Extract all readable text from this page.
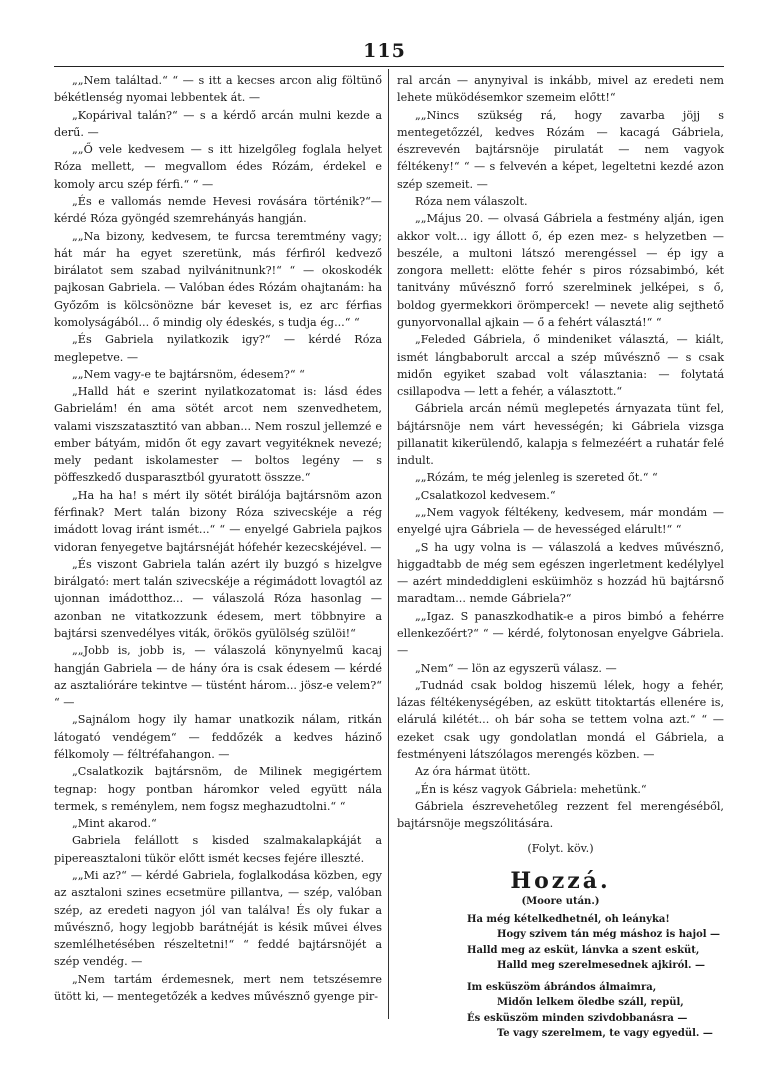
115

„„Nem találtad.“ “ — s itt a kecses arcon alig föltünő békétlenség nyomai lebbentek át. —

„Kopárival talán?“ — s a kérdő arcán mulni kezde a derű. —

„„Ő vele kedvesem — s itt hizelgőleg foglala helyet Róza mellett, — megvallom édes Rózám, érdekel e komoly arcu szép férfi.“ “ —

„És e vallomás nemde Hevesi rovására történik?“— kérdé Róza gyöngéd szemrehányás hangján.

„„Na bizony, kedvesem, te furcsa teremtmény vagy; hát már ha egyet szeretünk, más férfiról kedvező birálatot sem szabad nyilvánitnunk?!“ “ — okoskodék pajkosan Gabriela. — Valóban édes Rózám ohajtanám: ha Győzőm is kölcsönözne bár keveset is, ez arc férfias komolyságából... ő mindig oly édeskés, s tudja ég...“ “

„És Gabriela nyilatkozik igy?“ — kérdé Róza meglepetve. —

„„Nem vagy-e te bajtársnöm, édesem?“ “

„Halld hát e szerint nyilatkozatomat is: lásd édes Gabrielám! én ama sötét arcot nem szenvedhetem, valami viszszatasztitó van abban... Nem roszul jellemzé e ember bátyám, midőn őt egy zavart vegyitéknek nevezé; mely pedant iskolamester — boltos legény — s pöffeszkedő dusparasztból gyuratott összze.“

„Ha ha ha! s mért ily sötét birálója bajtársnöm azon férfinak? Mert talán bizony Róza szivecskéje a rég imádott lovag iránt ismét...“ “ — enyelgé Gabriela pajkos vidoran fenyegetve bajtársnéját hófehér kezecskéjével. —

„És viszont Gabriela talán azért ily buzgó s hizelgve birálgató: mert talán szivecskéje a régimádott lovagtól az ujonnan imádotthoz... — válaszolá Róza hasonlag — azonban ne vitatkozzunk édesem, mert többnyire a bajtársi szenvedélyes viták, örökös gyülölség szülöi!“

„„Jobb is, jobb is, — válaszolá könynyelmű kacaj hangján Gabriela — de hány óra is csak édesem — kérdé az asztalióráre tekintve — tüstént három... jösz-e velem?“ “ —

„Sajnálom hogy ily hamar unatkozik nálam, ritkán látogató vendégem“ — feddőzék a kedves házinő félkomoly — féltréfahangon. —

„Csalatkozik bajtársnöm, de Milinek megigértem tegnap: hogy pontban háromkor veled együtt nála termek, s reménylem, nem fogsz meghazudtolni.“ “

„Mint akarod.“

Gabriela felállott s kisded szalmakalapkáját a pipereasztaloni tükör előtt ismét kecses fejére illeszté.

„„Mi az?“ — kérdé Gabriela, foglalkodása közben, egy az asztaloni szines ecsetmüre pillantva, — szép, valóban szép, az eredeti nagyon jól van találva! És oly fukar a művésznő, hogy legjobb barátnéját is késik művei élves szemlélhetésében részeltetni!“ “ feddé bajtársnöjét a szép vendég. —

„Nem tartám érdemesnek, mert nem tetszésemre ütött ki, — mentegetőzék a kedves művésznő gyenge pir-

ral arcán — anynyival is inkább, mivel az eredeti nem lehete müködésemkor szemeim előtt!“

„„Nincs szükség rá, hogy zavarba jöjj s mentegetőzzél, kedves Rózám — kacagá Gábriela, észrevevén bajtársnöje pirulatát — nem vagyok féltékeny!“ “ — s felvevén a képet, legeltetni kezdé azon szép szemeit. —

Róza nem válaszolt.

„„Május 20. — olvasá Gábriela a festmény alján, igen akkor volt... igy állott ő, ép ezen mez- s helyzetben — beszéle, a multoni látszó merengéssel — ép igy a zongora mellett: elötte fehér s piros rózsabimbó, két tanitvány művésznő forró szerelminek jelképei, s ő, boldog gyermekkori örömpercek! — nevete alig sejthető gunyorvonallal ajkain — ő a fehért választá!“ “

„Feleded Gábriela, ő mindeniket választá, — kiált, ismét lángbaborult arccal a szép művésznő — s csak midőn egyiket szabad volt választania: — folytatá csillapodva — lett a fehér, a választott.“

Gábriela arcán némü meglepetés árnyazata tünt fel, bájtársnöje nem várt hevességén; ki Gábriela vizsga pillanatit kikerülendő, kalapja s felmezéért a ruhatár felé indult.

„„Rózám, te még jelenleg is szereted őt.“ “

„Csalatkozol kedvesem.“

„„Nem vagyok féltékeny, kedvesem, már mondám — enyelgé ujra Gábriela — de hevességed elárult!“ “

„S ha ugy volna is — válaszolá a kedves művésznő, higgadtabb de még sem egészen ingerletment kedélylyel — azért mindeddigleni esküimhöz s hozzád hü bajtársnő maradtam... nemde Gábriela?“

„„Igaz. S panaszkodhatik-e a piros bimbó a fehérre ellenkezőért?“ “ — kérdé, folytonosan enyelgve Gábriela. —

„Nem“ — lön az egyszerü válasz. —

„Tudnád csak boldog hiszemü lélek, hogy a fehér, lázas féltékenységében, az eskütt titoktartás ellenére is, elárulá kilétét... oh bár soha se tettem volna azt.“ “ — ezeket csak ugy gondolatlan mondá el Gábriela, a festményeni látszólagos merengés közben. —

Az óra hármat ütött.

„Én is kész vagyok Gábriela: mehetünk.“

Gábriela észrevehetőleg rezzent fel merengéséből, bajtársnöje megszólitására.

(Folyt. köv.)

Hozzá.
(Moore után.)

Ha még kételkedhetnél, oh leányka!

Hogy szivem tán még máshoz is hajol —

Halld meg az esküt, lánvka a szent esküt,

Halld meg szerelmesednek ajkiról. —

Im esküszöm ábrándos álmaimra,

Midőn lelkem öledbe száll, repül,

És esküszöm minden szivdobbanásra —

Te vagy szerelmem, te vagy egyedül. —
